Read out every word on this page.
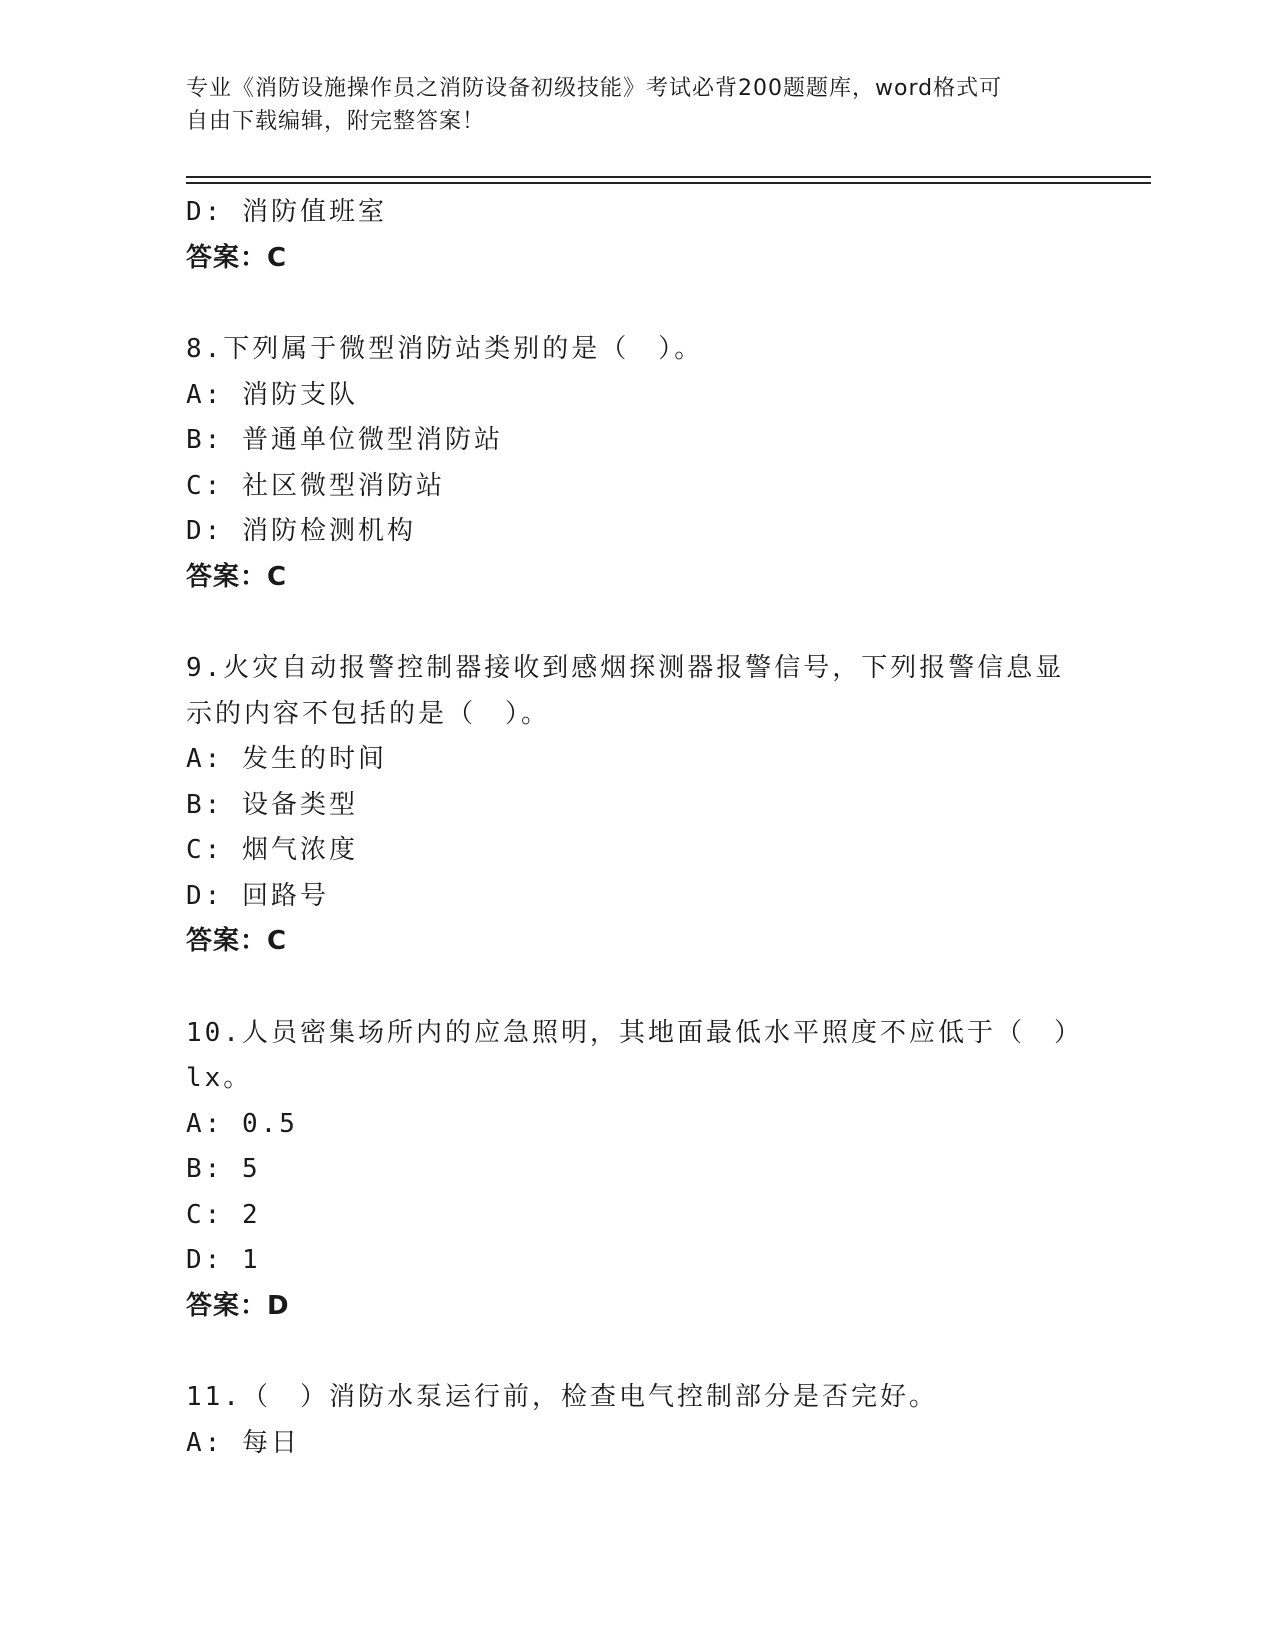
专业《消防设施操作员之消防设备初级技能》考试必背200题题库，word格式可
自由下载编辑，附完整答案！
D: 消防值班室
答案：C
8.下列属于微型消防站类别的是（　）。
A: 消防支队
B: 普通单位微型消防站
C: 社区微型消防站
D: 消防检测机构
答案：C
9.火灾自动报警控制器接收到感烟探测器报警信号，下列报警信息显
示的内容不包括的是（　）。
A: 发生的时间
B: 设备类型
C: 烟气浓度
D: 回路号
答案：C
10.人员密集场所内的应急照明，其地面最低水平照度不应低于（　）
lx。
A: 0.5
B: 5
C: 2
D: 1
答案：D
11.（　）消防水泵运行前，检查电气控制部分是否完好。
A: 每日
